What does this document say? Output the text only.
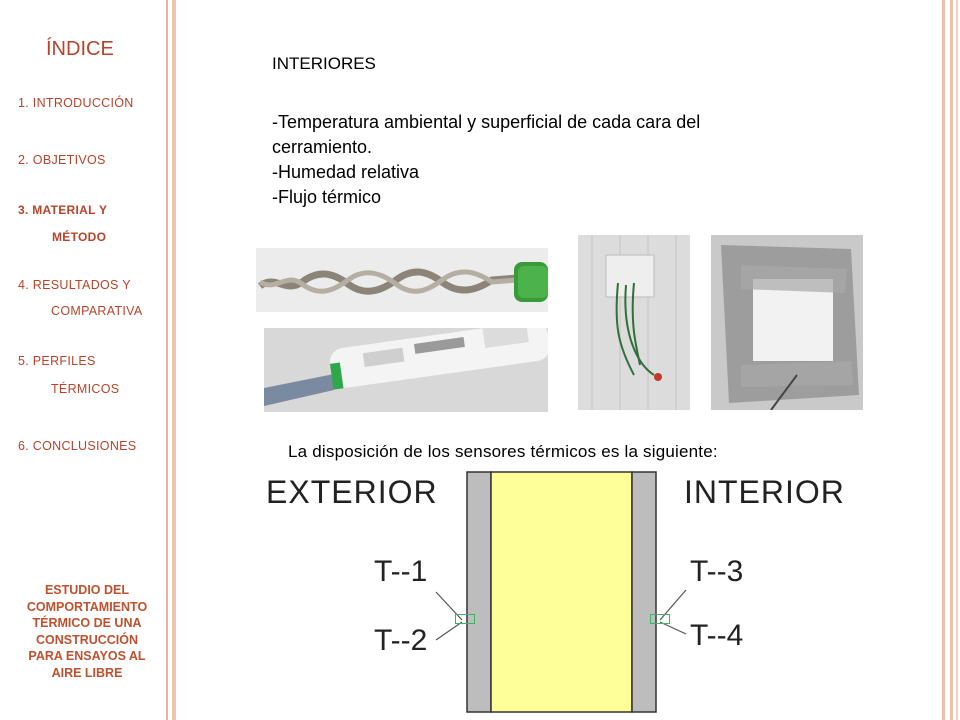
ÍNDICE
1. INTRODUCCIÓN
2. OBJETIVOS
3. MATERIAL Y
MÉTODO
4. RESULTADOS Y
COMPARATIVA
5. PERFILES
TÉRMICOS
6. CONCLUSIONES
ESTUDIO DEL
COMPORTAMIENTO
TÉRMICO DE UNA
CONSTRUCCIÓN
PARA ENSAYOS AL
AIRE LIBRE
INTERIORES
-Temperatura ambiental y superficial de cada cara del
cerramiento.
-Humedad relativa
-Flujo térmico
La disposición de los sensores térmicos es la siguiente:
EXTERIOR	INTERIOR
T--1
T--2
T--3
T--4
